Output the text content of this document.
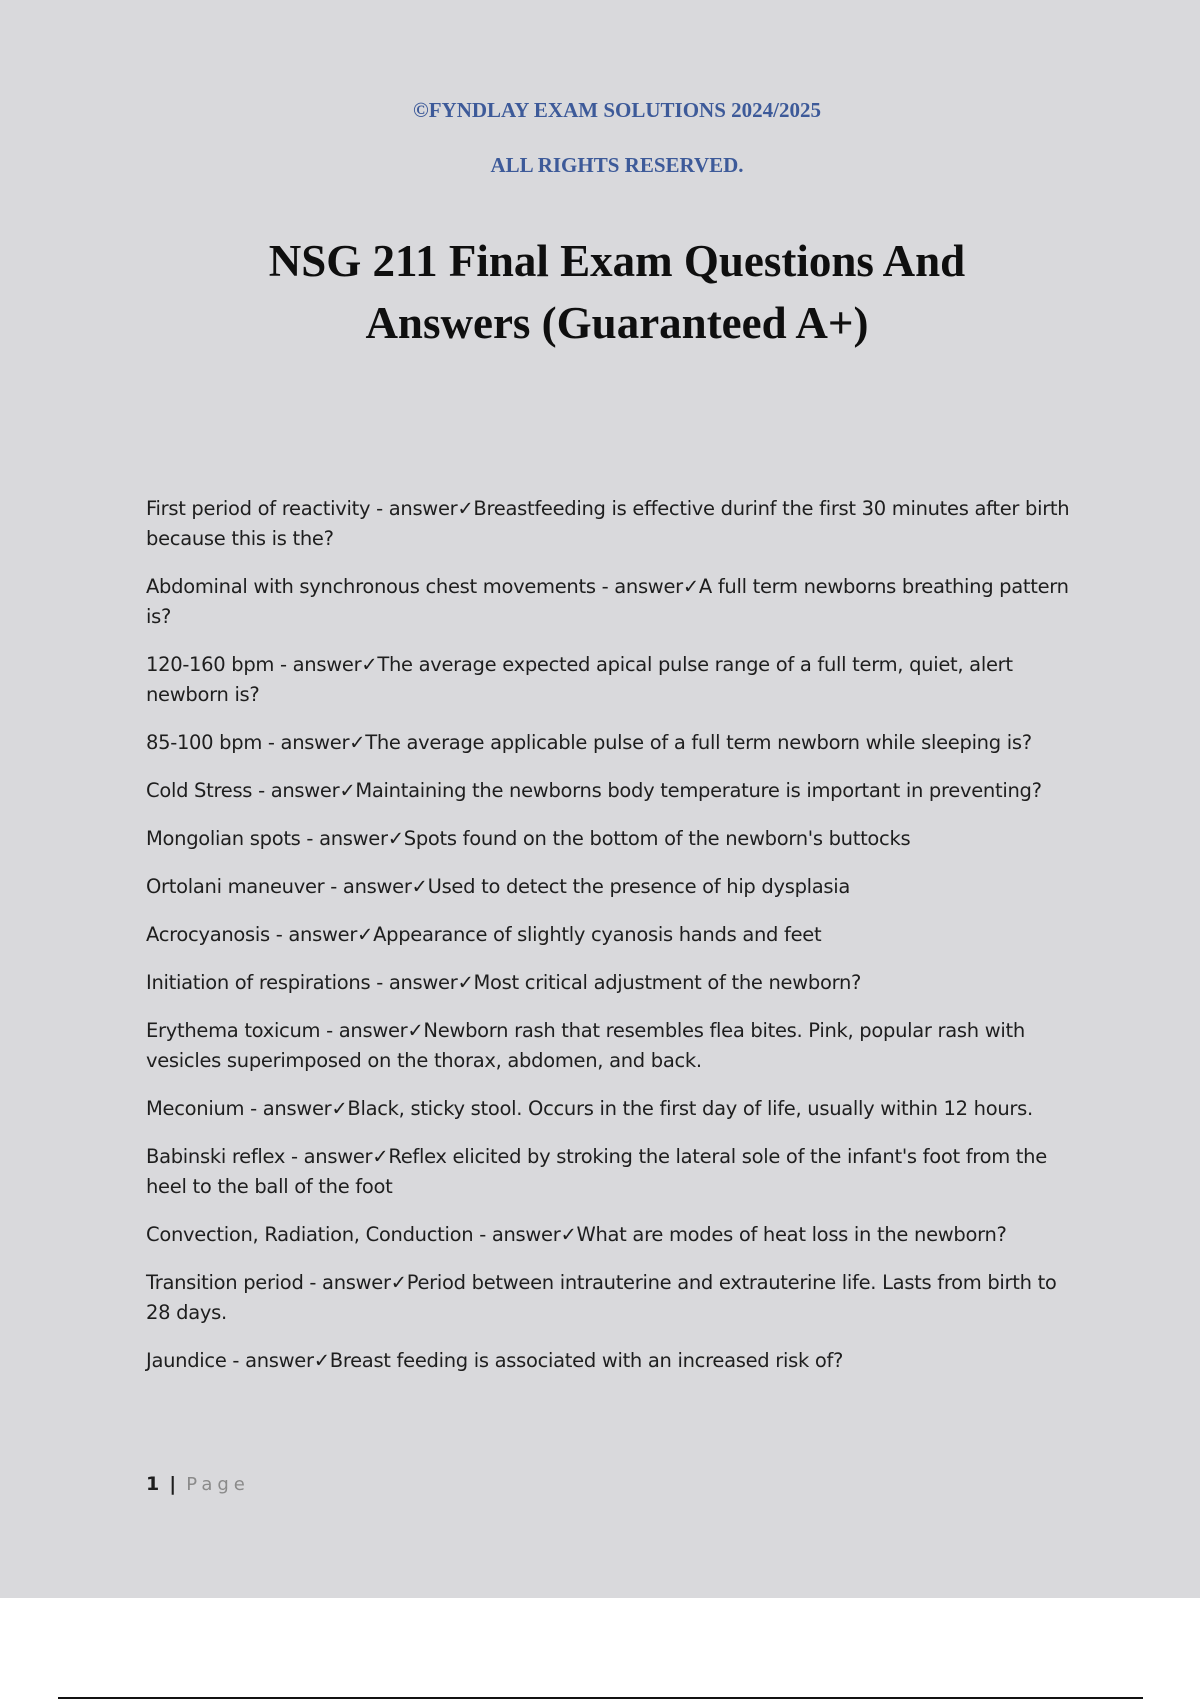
©FYNDLAY EXAM SOLUTIONS 2024/2025

ALL RIGHTS RESERVED.

NSG 211 Final Exam Questions And
Answers (Guaranteed A+)
First period of reactivity - answer✓Breastfeeding is effective durinf the first 30 minutes after birth because this is the?
Abdominal with synchronous chest movements - answer✓A full term newborns breathing pattern is?
120-160 bpm - answer✓The average expected apical pulse range of a full term, quiet, alert newborn is?
85-100 bpm - answer✓The average applicable pulse of a full term newborn while sleeping is?
Cold Stress - answer✓Maintaining the newborns body temperature is important in preventing?
Mongolian spots - answer✓Spots found on the bottom of the newborn's buttocks
Ortolani maneuver - answer✓Used to detect the presence of hip dysplasia
Acrocyanosis - answer✓Appearance of slightly cyanosis hands and feet
Initiation of respirations - answer✓Most critical adjustment of the newborn?
Erythema toxicum - answer✓Newborn rash that resembles flea bites. Pink, popular rash with vesicles superimposed on the thorax, abdomen, and back.
Meconium - answer✓Black, sticky stool. Occurs in the first day of life, usually within 12 hours.
Babinski reflex - answer✓Reflex elicited by stroking the lateral sole of the infant's foot from the heel to the ball of the foot
Convection, Radiation, Conduction - answer✓What are modes of heat loss in the newborn?
Transition period - answer✓Period between intrauterine and extrauterine life. Lasts from birth to 28 days.
Jaundice - answer✓Breast feeding is associated with an increased risk of?
1 | Page
